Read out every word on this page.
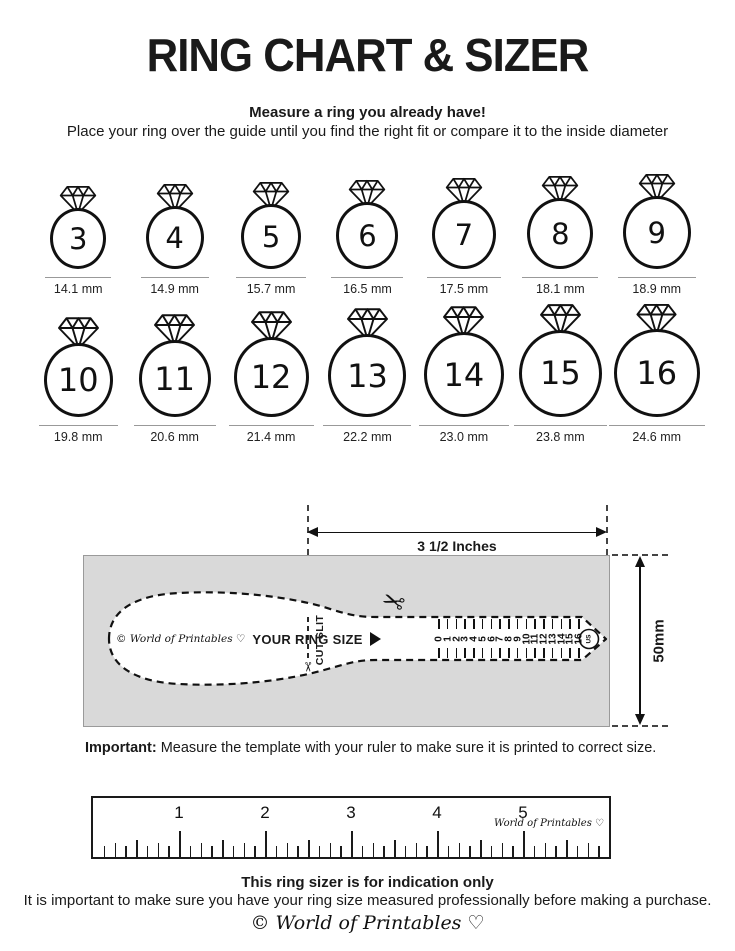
RING CHART & SIZER
Measure a ring you already have!
Place your ring over the guide until you find the right fit or compare it to the inside diameter
3
14.1 mm
4
14.9 mm
5
15.7 mm
6
16.5 mm
7
17.5 mm
8
18.1 mm
9
18.9 mm
10
19.8 mm
11
20.6 mm
12
21.4 mm
13
22.2 mm
14
23.0 mm
15
23.8 mm
16
24.6 mm
3 1/2 Inches
50mm
© World of Printables ♡ YOUR RING SIZE
CUT SLIT
✂
✂
0
1
2
3
4
5
6
7
8
9
10
11
12
13
14
15
16 US
Important: Measure the template with your ruler to make sure it is printed to correct size.
1	2	3	4	5
World of Printables ♡
This ring sizer is for indication only
It is important to make sure you have your ring size measured professionally before making a purchase.
© World of Printables ♡
